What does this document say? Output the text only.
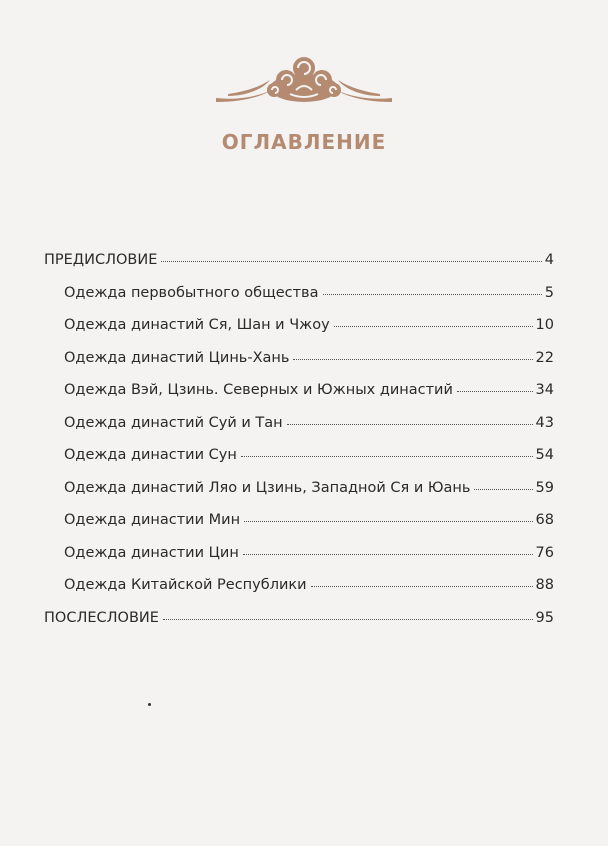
ОГЛАВЛЕНИЕ
ПРЕДИСЛОВИЕ	4
Одежда первобытного общества	5
Одежда династий Ся, Шан и Чжоу	10
Одежда династий Цинь-Хань	22
Одежда Вэй, Цзинь. Северных и Южных династий	34
Одежда династий Суй и Тан	43
Одежда династии Сун	54
Одежда династий Ляо и Цзинь, Западной Ся и Юань	59
Одежда династии Мин	68
Одежда династии Цин	76
Одежда Китайской Республики	88
ПОСЛЕСЛОВИЕ	95
